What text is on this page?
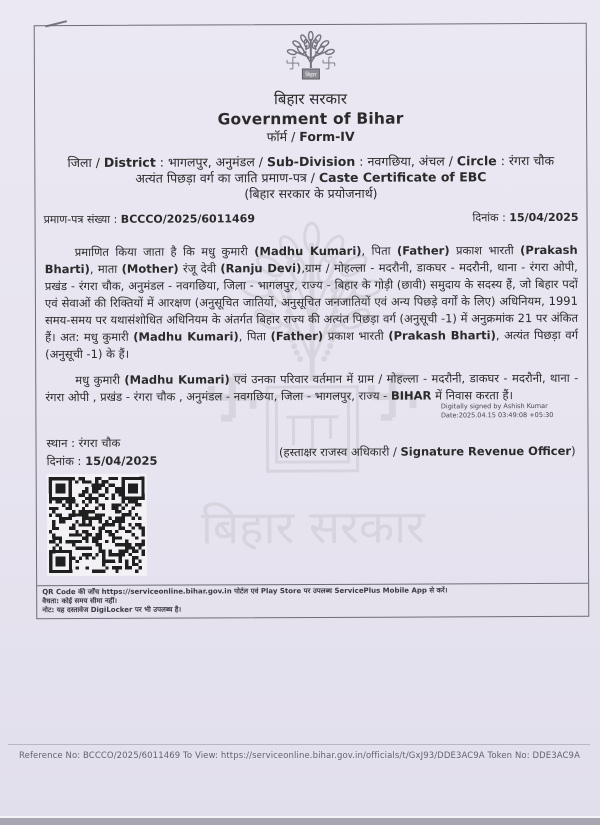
बिहार सरकार
बिहार
बिहार सरकार
Government of Bihar
फॉर्म / Form-IV
जिला / District : भागलपुर, अनुमंडल / Sub-Division : नवगछिया, अंचल / Circle : रंगरा चौक
अत्यंत पिछड़ा वर्ग का जाति प्रमाण-पत्र / Caste Certificate of EBC
(बिहार सरकार के प्रयोजनार्थ)
प्रमाण-पत्र संख्या : BCCCO/2025/6011469	दिनांक : 15/04/2025

प्रमाणित किया जाता है कि मधु कुमारी (Madhu Kumari), पिता (Father) प्रकाश भारती (Prakash Bharti), माता (Mother) रंजू देवी (Ranju Devi),ग्राम / मोहल्ला - मदरौनी, डाकघर - मदरौनी, थाना - रंगरा ओपी, प्रखंड - रंगरा चौक, अनुमंडल - नवगछिया, जिला - भागलपुर, राज्य - बिहार के गोड़ी (छावी) समुदाय के सदस्य हैं, जो बिहार पदों एवं सेवाओं की रिक्तियों में आरक्षण (अनुसूचित जातियों, अनुसूचित जनजातियों एवं अन्य पिछड़े वर्गों के लिए) अधिनियम, 1991 समय-समय पर यथासंशोधित अधिनियम के अंतर्गत बिहार राज्य की अत्यंत पिछड़ा वर्ग (अनुसूची -1) में अनुक्रमांक 21 पर अंकित हैं। अत: मधु कुमारी (Madhu Kumari), पिता (Father) प्रकाश भारती (Prakash Bharti), अत्यंत पिछड़ा वर्ग (अनुसूची -1) के हैं।

मधु कुमारी (Madhu Kumari) एवं उनका परिवार वर्तमान में ग्राम / मोहल्ला - मदरौनी, डाकघर - मदरौनी, थाना - रंगरा ओपी , प्रखंड - रंगरा चौक , अनुमंडल - नवगछिया, जिला - भागलपुर, राज्य - BIHAR में निवास करता हैं।

Digitally signed by Ashish Kumar
Date:2025.04.15 03:49:08 +05:30
स्थान : रंगरा चौक
दिनांक : 15/04/2025
(हस्ताक्षर राजस्व अधिकारी / Signature Revenue Officer)
QR Code की जाँच https://serviceonline.bihar.gov.in पोर्टल एवं Play Store पर उपलब्ध ServicePlus Mobile App से करें।
वैधता: कोई समय सीमा नहीं।
नोट: यह दस्तावेज DigiLocker पर भी उपलब्ध है।
Reference No: BCCCO/2025/6011469 To View: https://serviceonline.bihar.gov.in/officials/t/GxJ93/DDE3AC9A Token No: DDE3AC9A
